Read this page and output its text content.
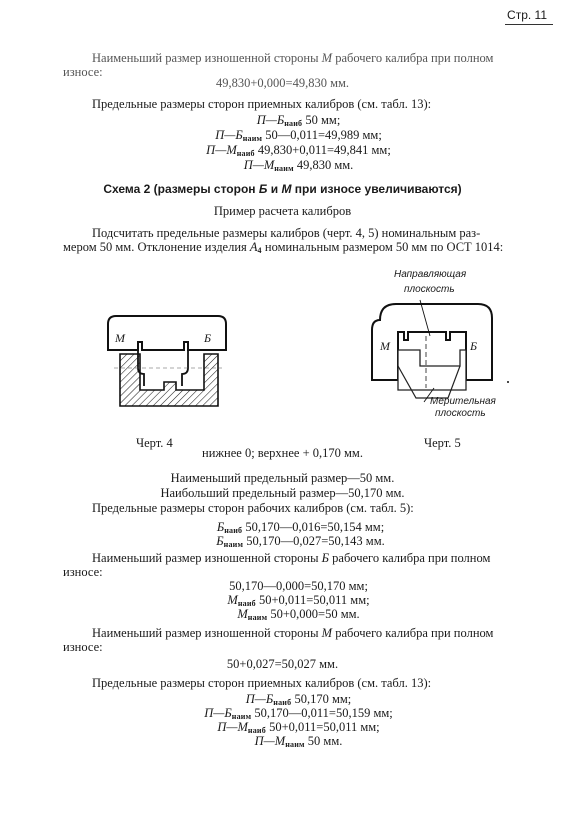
Стр. 11
Наименьший размер изношенной стороны М рабочего калибра при полном
износе:
49,830+0,000=49,830 мм.
Предельные размеры сторон приемных калибров (см. табл. 13):
$П—Б_{наиб}$ 50 мм;
$П—Б_{наим}$ 50—0,011=49,989 мм;
$П—М_{наиб}$ 49,830+0,011=49,841 мм;
$П—М_{наим}$ 49,830 мм.
Схема 2 (размеры сторон Б и М при износе увеличиваются)
Пример расчета калибров
Подсчитать предельные размеры калибров (черт. 4, 5) номинальным раз-
мером 50 мм. Отклонение изделия $А_4$ номинальным размером 50 мм по ОСТ 1014:
М	Б
Черт. 4
Направляющая
плоскость
М	Б
Мерительная
плоскость
Черт. 5
нижнее 0; верхнее + 0,170 мм.
Наименьший предельный размер—50 мм.
Наибольший предельный размер—50,170 мм.
Предельные размеры сторон рабочих калибров (см. табл. 5):
$Б_{наиб}$ 50,170—0,016=50,154 мм;
$Б_{наим}$ 50,170—0,027=50,143 мм.
Наименьший размер изношенной стороны Б рабочего калибра при полном
износе:
50,170—0,000=50,170 мм;
$М_{наиб}$ 50+0,011=50,011 мм;
$М_{наим}$ 50+0,000=50 мм.
Наименьший размер изношенной стороны М рабочего калибра при полном
износе:
50+0,027=50,027 мм.
Предельные размеры сторон приемных калибров (см. табл. 13):
$П—Б_{наиб}$ 50,170 мм;
$П—Б_{наим}$ 50,170—0,011=50,159 мм;
$П—М_{наиб}$ 50+0,011=50,011 мм;
$П—М_{наим}$ 50 мм.
